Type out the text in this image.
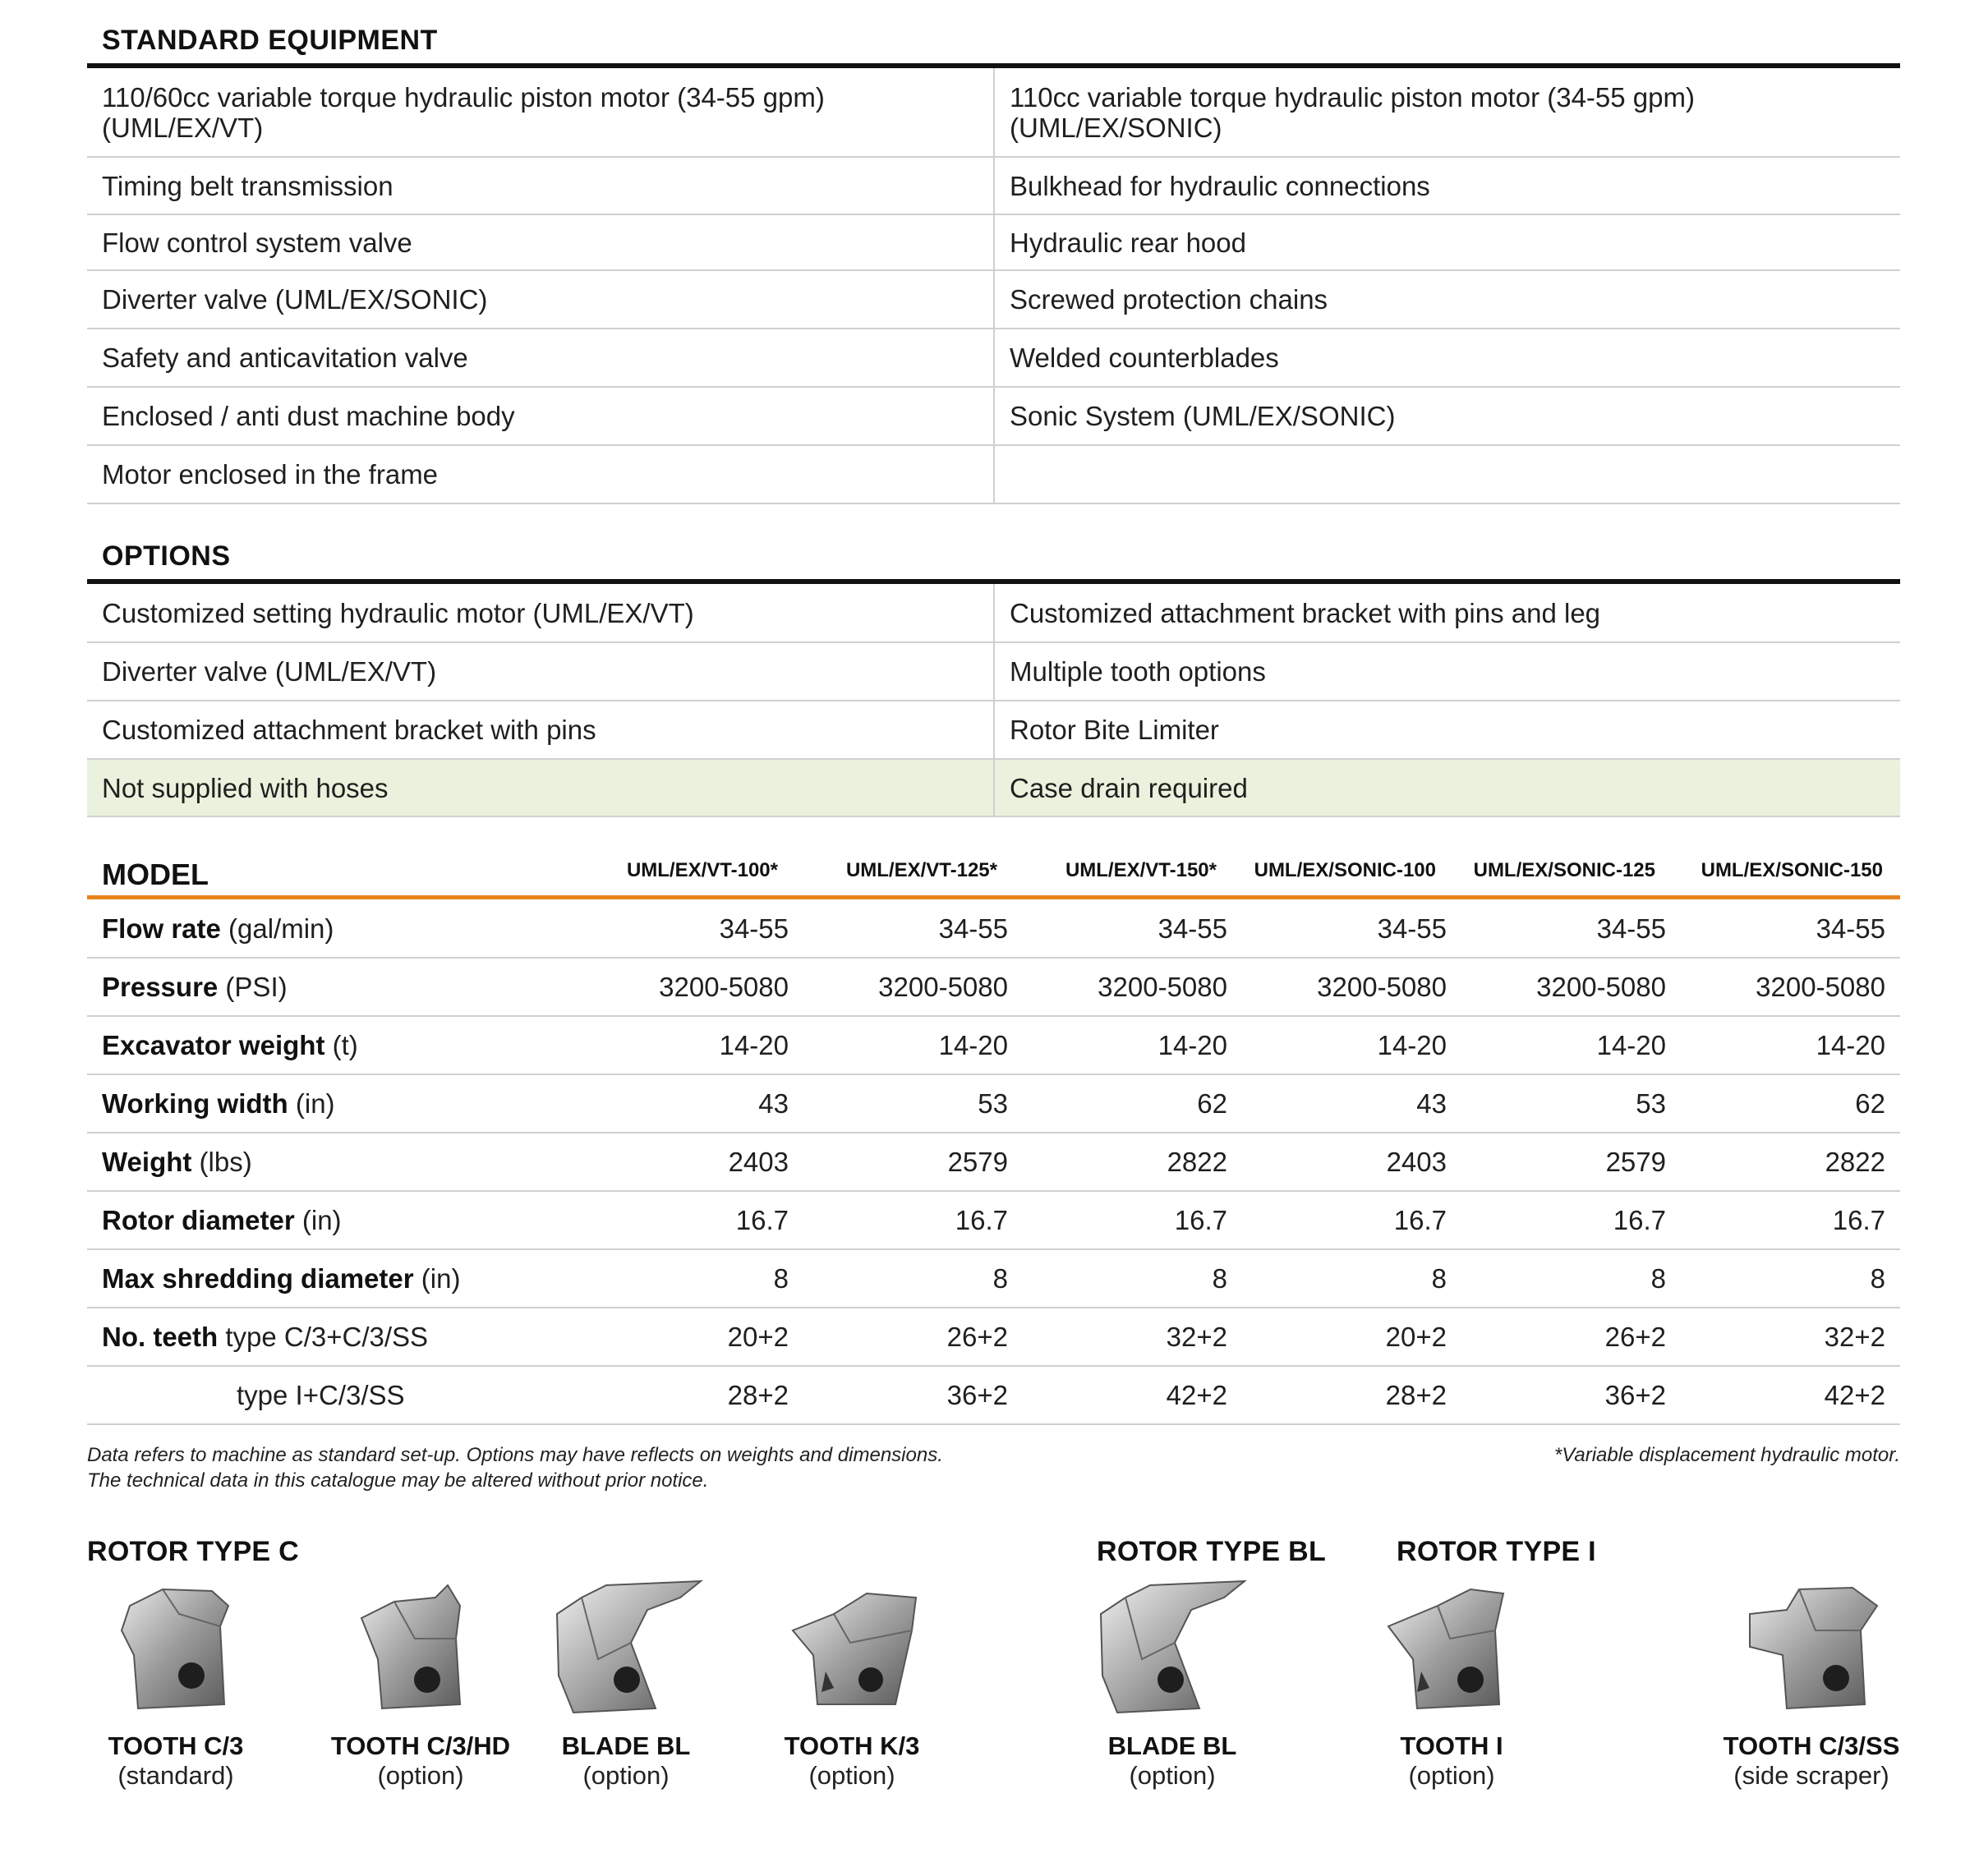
STANDARD EQUIPMENT
110/60cc variable torque hydraulic piston motor (34-55 gpm) (UML/EX/VT)	110cc variable torque hydraulic piston motor (34-55 gpm) (UML/EX/SONIC)
Timing belt transmission	Bulkhead for hydraulic connections
Flow control system valve	Hydraulic rear hood
Diverter valve (UML/EX/SONIC)	Screwed protection chains
Safety and anticavitation valve	Welded counterblades
Enclosed / anti dust machine body	Sonic System (UML/EX/SONIC)
Motor enclosed in the frame	
OPTIONS
Customized setting hydraulic motor (UML/EX/VT)	Customized attachment bracket with pins and leg
Diverter valve (UML/EX/VT)	Multiple tooth options
Customized attachment bracket with pins	Rotor Bite Limiter
Not supplied with hoses	Case drain required
MODEL	UML/EX/VT-100*	UML/EX/VT-125*	UML/EX/VT-150*	UML/EX/SONIC-100	UML/EX/SONIC-125	UML/EX/SONIC-150
Flow rate (gal/min)	34-55	34-55	34-55	34-55	34-55	34-55
Pressure (PSI)	3200-5080	3200-5080	3200-5080	3200-5080	3200-5080	3200-5080
Excavator weight (t)	14-20	14-20	14-20	14-20	14-20	14-20
Working width (in)	43	53	62	43	53	62
Weight (lbs)	2403	2579	2822	2403	2579	2822
Rotor diameter (in)	16.7	16.7	16.7	16.7	16.7	16.7
Max shredding diameter (in)	8	8	8	8	8	8
No. teeth type C/3+C/3/SS	20+2	26+2	32+2	20+2	26+2	32+2
type I+C/3/SS	28+2	36+2	42+2	28+2	36+2	42+2
Data refers to machine as standard set-up. Options may have reflects on weights and dimensions.
The technical data in this catalogue may be altered without prior notice.
*Variable displacement hydraulic motor.
ROTOR TYPE C	ROTOR TYPE BL	ROTOR TYPE I
TOOTH C/3
(standard)
TOOTH C/3/HD
(option)
BLADE BL
(option)
TOOTH K/3
(option)
BLADE BL
(option)
TOOTH I
(option)
TOOTH C/3/SS
(side scraper)
